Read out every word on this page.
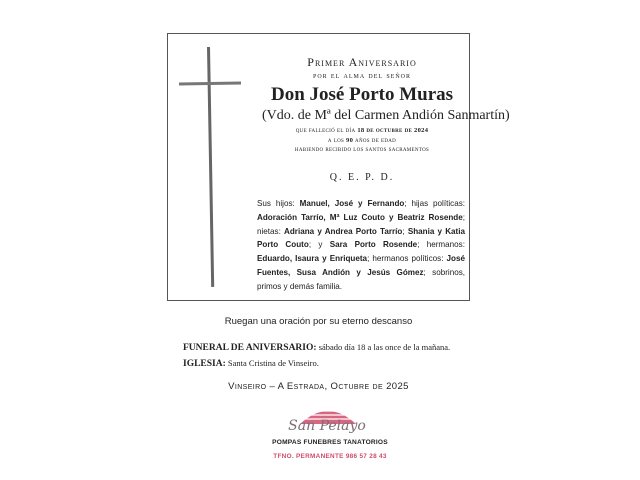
Primer Aniversario
por el alma del señor
Don José Porto Muras
(Vdo. de Mª del Carmen Andión Sanmartín)
que falleció el día 18 de octubre de 2024
a los 90 años de edad
habiendo recibido los santos sacramentos
Q. E. P. D.
Sus hijos: Manuel, José y Fernando; hijas políticas: Adoración Tarrío, Mª Luz Couto y Beatriz Rosende; nietas: Adriana y Andrea Porto Tarrío; Shania y Katia Porto Couto; y Sara Porto Rosende; hermanos: Eduardo, Isaura y Enriqueta; hermanos políticos: José Fuentes, Susa Andión y Jesús Gómez; sobrinos, primos y demás familia.
Ruegan una oración por su eterno descanso
FUNERAL DE ANIVERSARIO: sábado día 18 a las once de la mañana.
IGLESIA: Santa Cristina de Vinseiro.
Vinseiro – A Estrada, Octubre de 2025
San Pelayo
POMPAS FUNEBRES TANATORIOS
TFNO. PERMANENTE 986 57 28 43
